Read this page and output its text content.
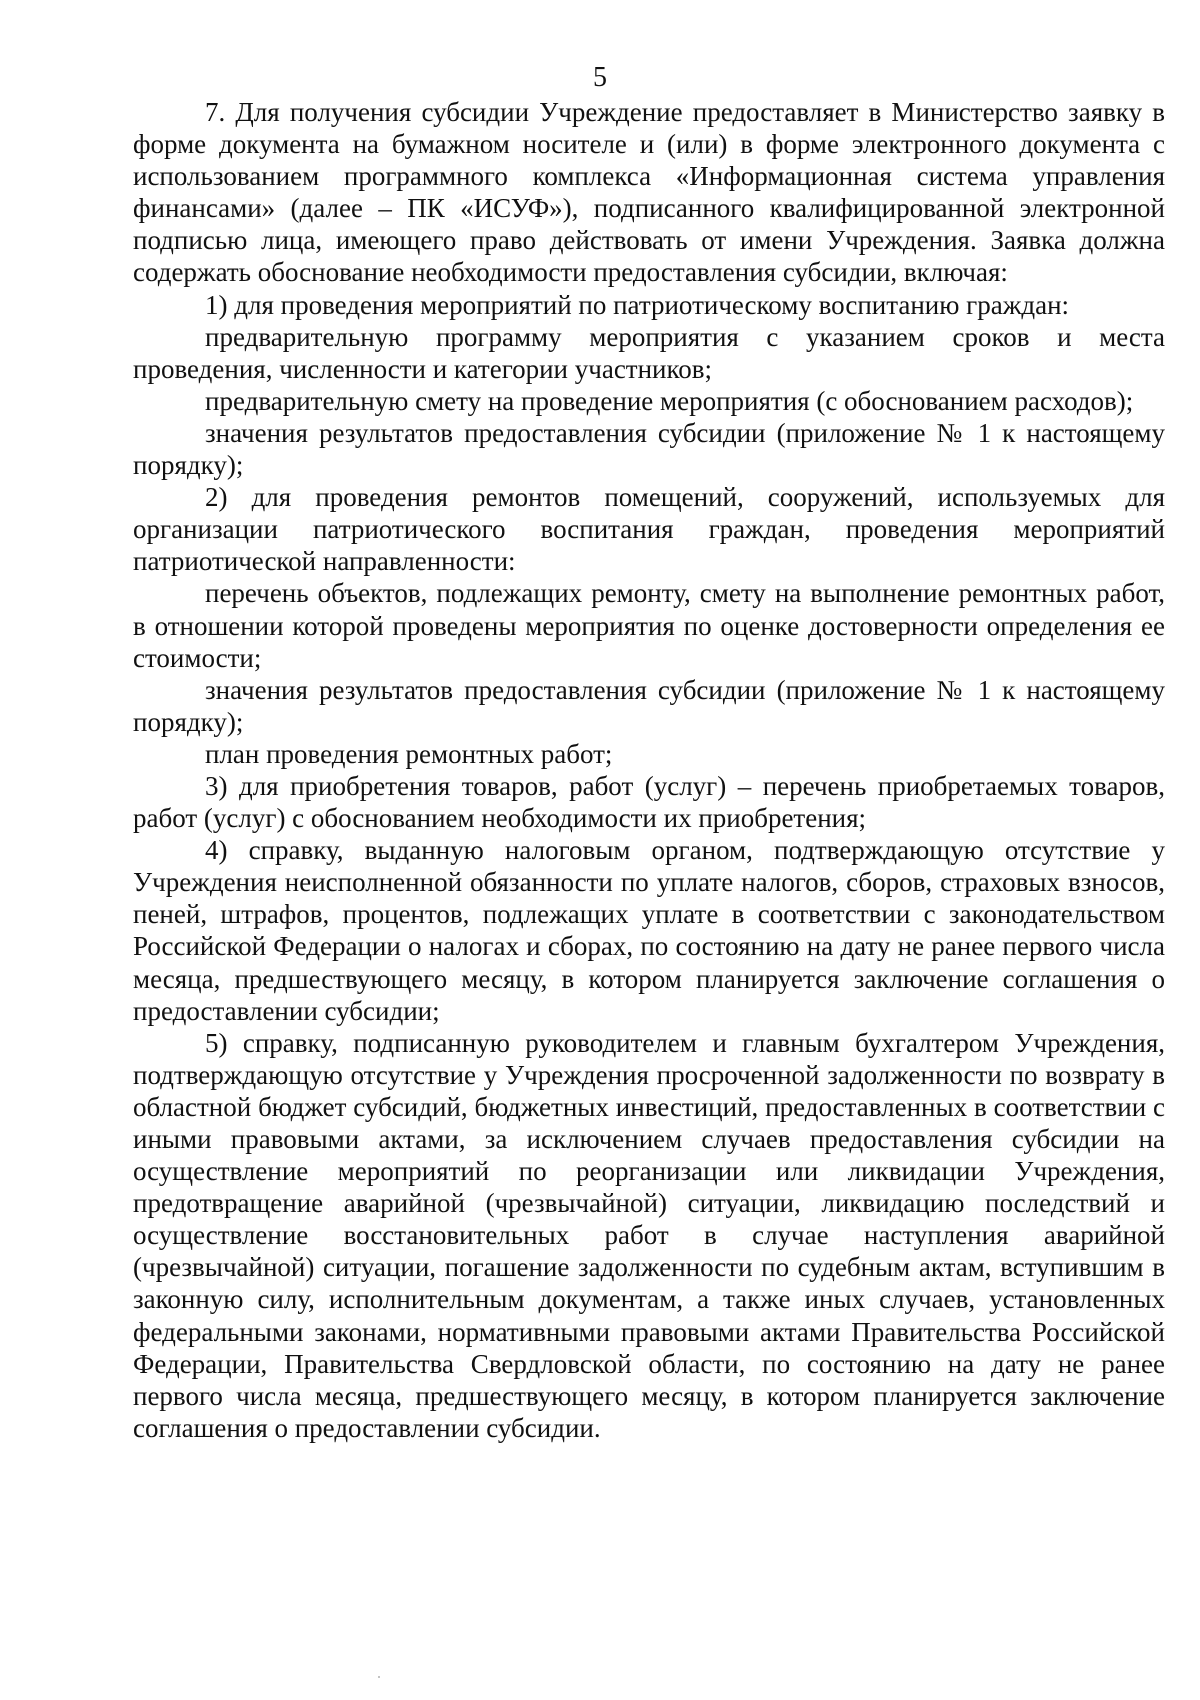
5

7. Для получения субсидии Учреждение предоставляет в Министерство заявку в форме документа на бумажном носителе и (или) в форме электронного документа с использованием программного комплекса «Информационная система управления финансами» (далее – ПК «ИСУФ»), подписанного квалифицированной электронной подписью лица, имеющего право действовать от имени Учреждения. Заявка должна содержать обоснование необходимости предоставления субсидии, включая:

1) для проведения мероприятий по патриотическому воспитанию граждан:

предварительную программу мероприятия с указанием сроков и места проведения, численности и категории участников;

предварительную смету на проведение мероприятия (с обоснованием расходов);

значения результатов предоставления субсидии (приложение № 1 к настоящему порядку);

2) для проведения ремонтов помещений, сооружений, используемых для организации патриотического воспитания граждан, проведения мероприятий патриотической направленности:

перечень объектов, подлежащих ремонту, смету на выполнение ремонтных работ, в отношении которой проведены мероприятия по оценке достоверности определения ее стоимости;

значения результатов предоставления субсидии (приложение № 1 к настоящему порядку);

план проведения ремонтных работ;

3) для приобретения товаров, работ (услуг) – перечень приобретаемых товаров, работ (услуг) с обоснованием необходимости их приобретения;

4) справку, выданную налоговым органом, подтверждающую отсутствие у Учреждения неисполненной обязанности по уплате налогов, сборов, страховых взносов, пеней, штрафов, процентов, подлежащих уплате в соответствии с законодательством Российской Федерации о налогах и сборах, по состоянию на дату не ранее первого числа месяца, предшествующего месяцу, в котором планируется заключение соглашения о предоставлении субсидии;

5) справку, подписанную руководителем и главным бухгалтером Учреждения, подтверждающую отсутствие у Учреждения просроченной задолженности по возврату в областной бюджет субсидий, бюджетных инвестиций, предоставленных в соответствии с иными правовыми актами, за исключением случаев предоставления субсидии на осуществление мероприятий по реорганизации или ликвидации Учреждения, предотвращение аварийной (чрезвычайной) ситуации, ликвидацию последствий и осуществление восстановительных работ в случае наступления аварийной (чрезвычайной) ситуации, погашение задолженности по судебным актам, вступившим в законную силу, исполнительным документам, а также иных случаев, установленных федеральными законами, нормативными правовыми актами Правительства Российской Федерации, Правительства Свердловской области, по состоянию на дату не ранее первого числа месяца, предшествующего месяцу, в котором планируется заключение соглашения о предоставлении субсидии.
